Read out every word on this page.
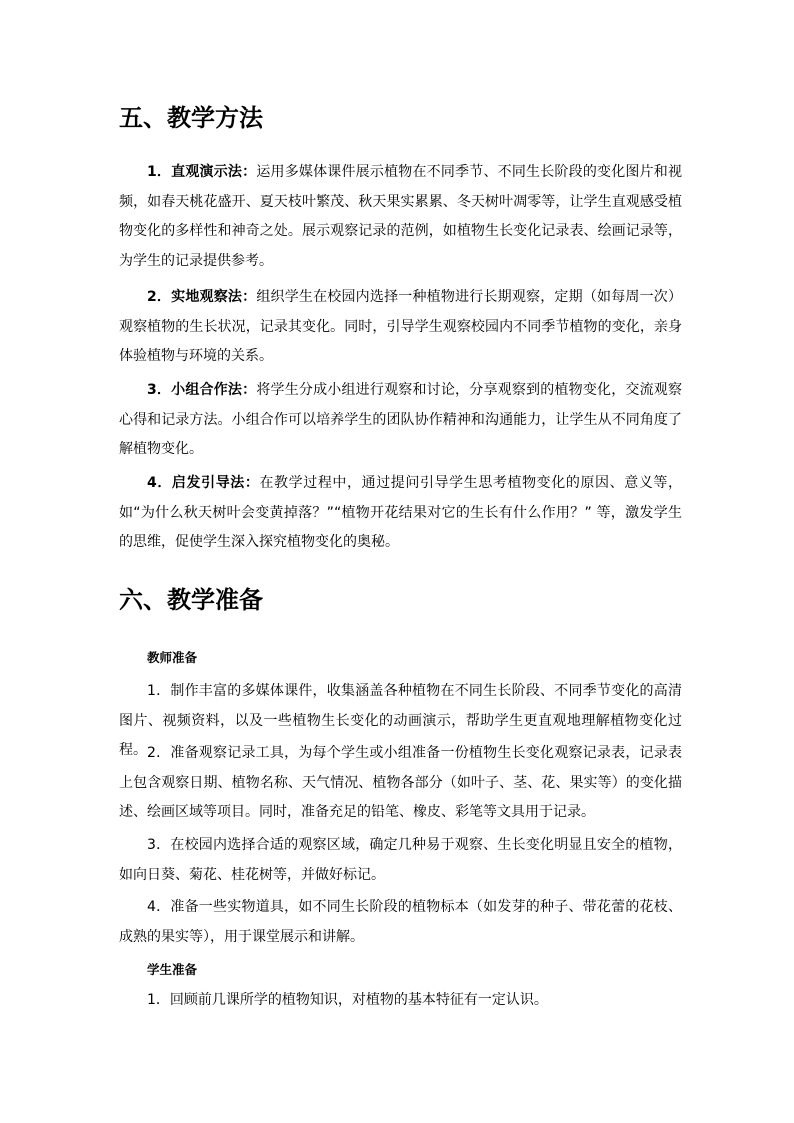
五、教学方法

1．直观演示法：运用多媒体课件展示植物在不同季节、不同生长阶段的变化图片和视频，如春天桃花盛开、夏天枝叶繁茂、秋天果实累累、冬天树叶凋零等，让学生直观感受植物变化的多样性和神奇之处。展示观察记录的范例，如植物生长变化记录表、绘画记录等，为学生的记录提供参考。

2．实地观察法：组织学生在校园内选择一种植物进行长期观察，定期（如每周一次）观察植物的生长状况，记录其变化。同时，引导学生观察校园内不同季节植物的变化，亲身体验植物与环境的关系。

3．小组合作法：将学生分成小组进行观察和讨论，分享观察到的植物变化，交流观察心得和记录方法。小组合作可以培养学生的团队协作精神和沟通能力，让学生从不同角度了解植物变化。

4．启发引导法：在教学过程中，通过提问引导学生思考植物变化的原因、意义等，如“为什么秋天树叶会变黄掉落？”“植物开花结果对它的生长有什么作用？” 等，激发学生的思维，促使学生深入探究植物变化的奥秘。

六、教学准备

教师准备

1．制作丰富的多媒体课件，收集涵盖各种植物在不同生长阶段、不同季节变化的高清图片、视频资料，以及一些植物生长变化的动画演示，帮助学生更直观地理解植物变化过程。 2．准备观察记录工具，为每个学生或小组准备一份植物生长变化观察记录表，记录表上包含观察日期、植物名称、天气情况、植物各部分（如叶子、茎、花、果实等）的变化描述、绘画区域等项目。同时，准备充足的铅笔、橡皮、彩笔等文具用于记录。

3．在校园内选择合适的观察区域，确定几种易于观察、生长变化明显且安全的植物，如向日葵、菊花、桂花树等，并做好标记。

4．准备一些实物道具，如不同生长阶段的植物标本（如发芽的种子、带花蕾的花枝、成熟的果实等），用于课堂展示和讲解。

学生准备

1．回顾前几课所学的植物知识，对植物的基本特征有一定认识。
